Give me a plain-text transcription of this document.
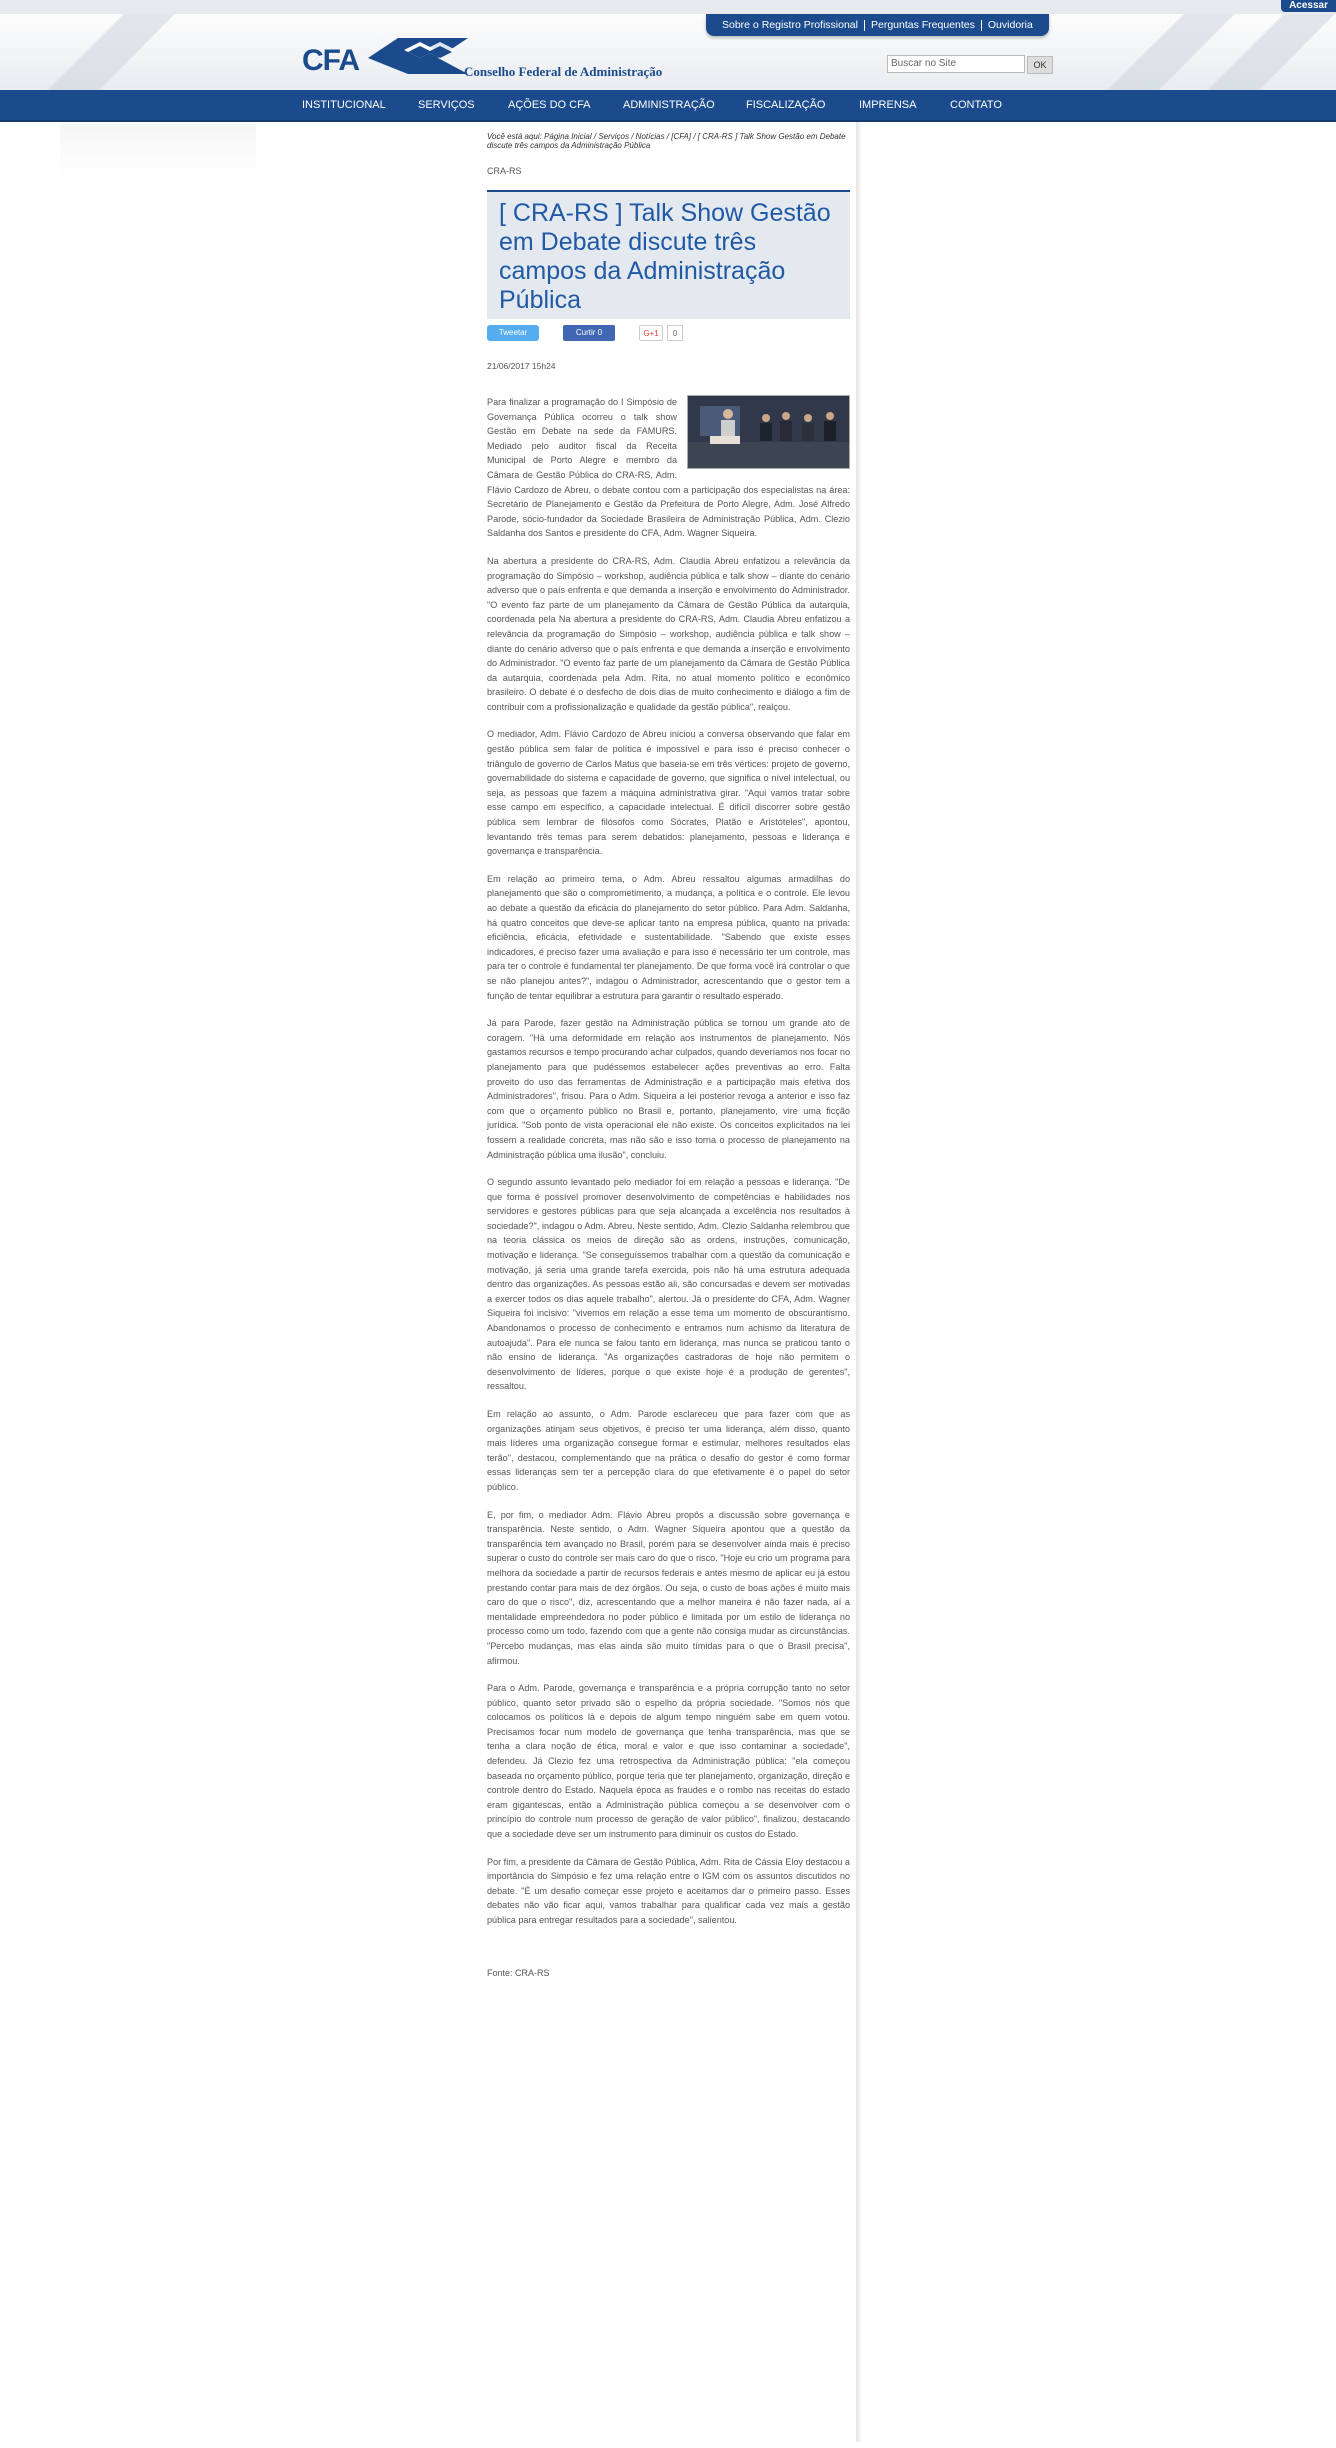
Acessar
Sobre o Registro Profissional	Perguntas Frequentes	Ouvidoria
CFA	Conselho Federal de Administração
Buscar no Site	OK
INSTITUCIONAL	SERVIÇOS	AÇÕES DO CFA	ADMINISTRAÇÃO	FISCALIZAÇÃO	IMPRENSA	CONTATO
Você está aqui: Página Inicial / Serviços / Notícias / [CFA] / [ CRA-RS ] Talk Show Gestão em Debate discute três campos da Administração Pública
CRA-RS
[ CRA-RS ] Talk Show Gestão em Debate discute três campos da Administração Pública
Tweetar	Curtir 0	G+1	0
21/06/2017 15h24

Para finalizar a programação do I Simpósio de Governança Pública ocorreu o talk show Gestão em Debate na sede da FAMURS. Mediado pelo auditor fiscal da Receita Municipal de Porto Alegre e membro da Câmara de Gestão Pública do CRA-RS, Adm. Flávio Cardozo de Abreu, o debate contou com a participação dos especialistas na área: Secretário de Planejamento e Gestão da Prefeitura de Porto Alegre, Adm. José Alfredo Parode, sócio-fundador da Sociedade Brasileira de Administração Pública, Adm. Clezio Saldanha dos Santos e presidente do CFA, Adm. Wagner Siqueira.

Na abertura a presidente do CRA-RS, Adm. Claudia Abreu enfatizou a relevância da programação do Simpósio – workshop, audiência pública e talk show – diante do cenário adverso que o país enfrenta e que demanda a inserção e envolvimento do Administrador. "O evento faz parte de um planejamento da Câmara de Gestão Pública da autarquia, coordenada pela Na abertura a presidente do CRA-RS, Adm. Claudia Abreu enfatizou a relevância da programação do Simpósio – workshop, audiência pública e talk show – diante do cenário adverso que o país enfrenta e que demanda a inserção e envolvimento do Administrador. "O evento faz parte de um planejamento da Câmara de Gestão Pública da autarquia, coordenada pela Adm. Rita, no atual momento político e econômico brasileiro. O debate é o desfecho de dois dias de muito conhecimento e diálogo a fim de contribuir com a profissionalização e qualidade da gestão pública", realçou.

O mediador, Adm. Flávio Cardozo de Abreu iniciou a conversa observando que falar em gestão pública sem falar de política é impossível e para isso é preciso conhecer o triângulo de governo de Carlos Matus que baseia-se em três vértices: projeto de governo, governabilidade do sistema e capacidade de governo, que significa o nível intelectual, ou seja, as pessoas que fazem a máquina administrativa girar. "Aqui vamos tratar sobre esse campo em específico, a capacidade intelectual. É difícil discorrer sobre gestão pública sem lembrar de filósofos como Sócrates, Platão e Aristóteles", apontou, levantando três temas para serem debatidos: planejamento, pessoas e liderança e governança e transparência.

Em relação ao primeiro tema, o Adm. Abreu ressaltou algumas armadilhas do planejamento que são o comprometimento, a mudança, a política e o controle. Ele levou ao debate a questão da eficácia do planejamento do setor público. Para Adm. Saldanha, há quatro conceitos que deve-se aplicar tanto na empresa pública, quanto na privada: eficiência, eficácia, efetividade e sustentabilidade. "Sabendo que existe esses indicadores, é preciso fazer uma avaliação e para isso é necessário ter um controle, mas para ter o controle é fundamental ter planejamento. De que forma você irá controlar o que se não planejou antes?", indagou o Administrador, acrescentando que o gestor tem a função de tentar equilibrar a estrutura para garantir o resultado esperado.

Já para Parode, fazer gestão na Administração pública se tornou um grande ato de coragem. "Há uma deformidade em relação aos instrumentos de planejamento. Nós gastamos recursos e tempo procurando achar culpados, quando deveríamos nos focar no planejamento para que pudéssemos estabelecer ações preventivas ao erro. Falta proveito do uso das ferramentas de Administração e a participação mais efetiva dos Administradores", frisou. Para o Adm. Siqueira a lei posterior revoga a anterior e isso faz com que o orçamento público no Brasil e, portanto, planejamento, vire uma ficção jurídica. "Sob ponto de vista operacional ele não existe. Os conceitos explicitados na lei fossem a realidade concreta, mas não são e isso torna o processo de planejamento na Administração pública uma ilusão", concluiu.

O segundo assunto levantado pelo mediador foi em relação a pessoas e liderança. "De que forma é possível promover desenvolvimento de competências e habilidades nos servidores e gestores públicas para que seja alcançada a excelência nos resultados à sociedade?", indagou o Adm. Abreu. Neste sentido, Adm. Clezio Saldanha relembrou que na teoria clássica os meios de direção são as ordens, instruções, comunicação, motivação e liderança. "Se conseguíssemos trabalhar com a questão da comunicação e motivação, já seria uma grande tarefa exercida, pois não há uma estrutura adequada dentro das organizações. As pessoas estão ali, são concursadas e devem ser motivadas a exercer todos os dias aquele trabalho", alertou. Já o presidente do CFA, Adm. Wagner Siqueira foi incisivo: "vivemos em relação a esse tema um momento de obscurantismo. Abandonamos o processo de conhecimento e entramos num achismo da literatura de autoajuda". Para ele nunca se falou tanto em liderança, mas nunca se praticou tanto o não ensino de liderança. "As organizações castradoras de hoje não permitem o desenvolvimento de líderes, porque o que existe hoje é a produção de gerentes", ressaltou.

Em relação ao assunto, o Adm. Parode esclareceu que para fazer com que as organizações atinjam seus objetivos, é preciso ter uma liderança, além disso, quanto mais líderes uma organização consegue formar e estimular, melhores resultados elas terão", destacou, complementando que na prática o desafio do gestor é como formar essas lideranças sem ter a percepção clara do que efetivamente é o papel do setor público.

E, por fim, o mediador Adm. Flávio Abreu propôs a discussão sobre governança e transparência. Neste sentido, o Adm. Wagner Siqueira apontou que a questão da transparência tem avançado no Brasil, porém para se desenvolver ainda mais é preciso superar o custo do controle ser mais caro do que o risco. "Hoje eu crio um programa para melhora da sociedade a partir de recursos federais e antes mesmo de aplicar eu já estou prestando contar para mais de dez órgãos. Ou seja, o custo de boas ações é muito mais caro do que o risco", diz, acrescentando que a melhor maneira é não fazer nada, aí a mentalidade empreendedora no poder público é limitada por um estilo de liderança no processo como um todo, fazendo com que a gente não consiga mudar as circunstâncias. "Percebo mudanças, mas elas ainda são muito tímidas para o que o Brasil precisa", afirmou.

Para o Adm. Parode, governança e transparência e a própria corrupção tanto no setor público, quanto setor privado são o espelho da própria sociedade. "Somos nós que colocamos os políticos lá e depois de algum tempo ninguém sabe em quem votou. Precisamos focar num modelo de governança que tenha transparência, mas que se tenha a clara noção de ética, moral e valor e que isso contaminar a sociedade", defendeu. Já Clezio fez uma retrospectiva da Administração pública: "ela começou baseada no orçamento público, porque teria que ter planejamento, organização, direção e controle dentro do Estado. Naquela época as fraudes e o rombo nas receitas do estado eram gigantescas, então a Administração pública começou a se desenvolver com o princípio do controle num processo de geração de valor público", finalizou, destacando que a sociedade deve ser um instrumento para diminuir os custos do Estado.

Por fim, a presidente da Câmara de Gestão Pública, Adm. Rita de Cássia Eloy destacou a importância do Simpósio e fez uma relação entre o IGM com os assuntos discutidos no debate. "É um desafio começar esse projeto e aceitamos dar o primeiro passo. Esses debates não vão ficar aqui, vamos trabalhar para qualificar cada vez mais a gestão pública para entregar resultados para a sociedade", salientou.

Fonte: CRA-RS
